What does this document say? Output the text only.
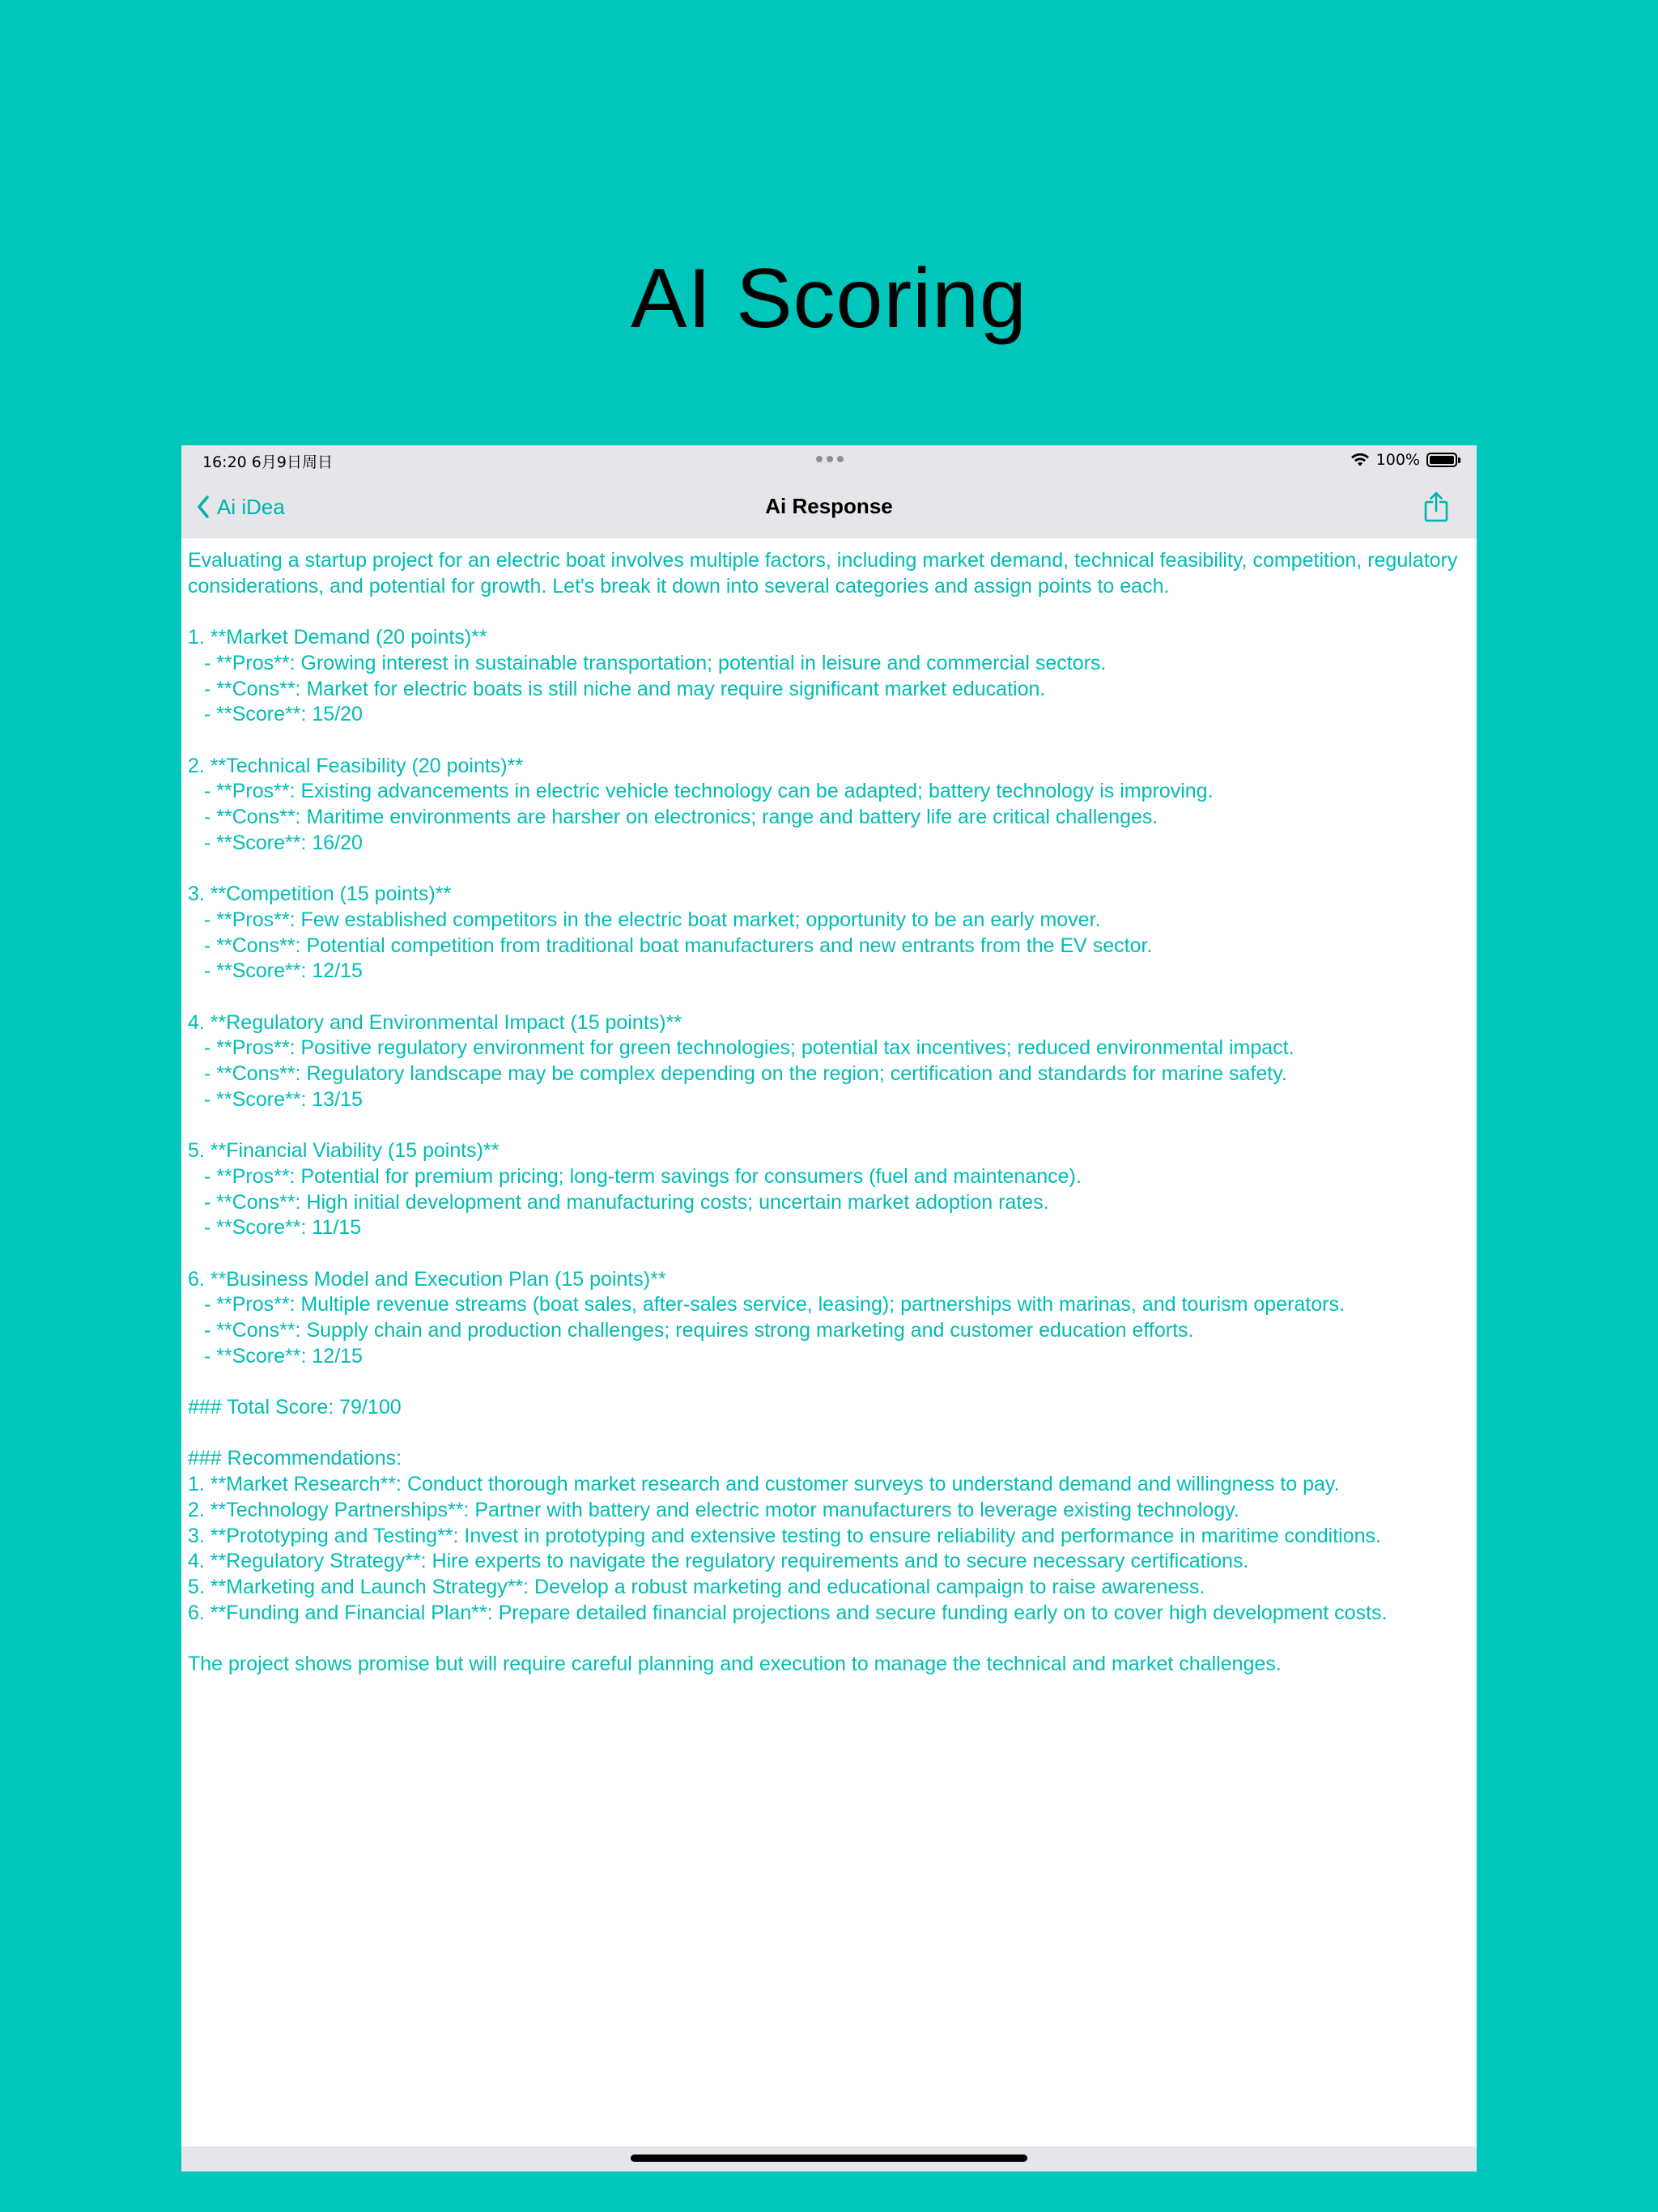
AI Scoring
16:20 6月9日周日	100%
Ai iDea	Ai Response
Evaluating a startup project for an electric boat involves multiple factors, including market demand, technical feasibility, competition, regulatory considerations, and potential for growth. Let's break it down into several categories and assign points to each.
1. **Market Demand (20 points)**
- **Pros**: Growing interest in sustainable transportation; potential in leisure and commercial sectors.
- **Cons**: Market for electric boats is still niche and may require significant market education.
- **Score**: 15/20
2. **Technical Feasibility (20 points)**
- **Pros**: Existing advancements in electric vehicle technology can be adapted; battery technology is improving.
- **Cons**: Maritime environments are harsher on electronics; range and battery life are critical challenges.
- **Score**: 16/20
3. **Competition (15 points)**
- **Pros**: Few established competitors in the electric boat market; opportunity to be an early mover.
- **Cons**: Potential competition from traditional boat manufacturers and new entrants from the EV sector.
- **Score**: 12/15
4. **Regulatory and Environmental Impact (15 points)**
- **Pros**: Positive regulatory environment for green technologies; potential tax incentives; reduced environmental impact.
- **Cons**: Regulatory landscape may be complex depending on the region; certification and standards for marine safety.
- **Score**: 13/15
5. **Financial Viability (15 points)**
- **Pros**: Potential for premium pricing; long-term savings for consumers (fuel and maintenance).
- **Cons**: High initial development and manufacturing costs; uncertain market adoption rates.
- **Score**: 11/15
6. **Business Model and Execution Plan (15 points)**
- **Pros**: Multiple revenue streams (boat sales, after-sales service, leasing); partnerships with marinas, and tourism operators.
- **Cons**: Supply chain and production challenges; requires strong marketing and customer education efforts.
- **Score**: 12/15
### Total Score: 79/100
### Recommendations:
1. **Market Research**: Conduct thorough market research and customer surveys to understand demand and willingness to pay.
2. **Technology Partnerships**: Partner with battery and electric motor manufacturers to leverage existing technology.
3. **Prototyping and Testing**: Invest in prototyping and extensive testing to ensure reliability and performance in maritime conditions.
4. **Regulatory Strategy**: Hire experts to navigate the regulatory requirements and to secure necessary certifications.
5. **Marketing and Launch Strategy**: Develop a robust marketing and educational campaign to raise awareness.
6. **Funding and Financial Plan**: Prepare detailed financial projections and secure funding early on to cover high development costs.
The project shows promise but will require careful planning and execution to manage the technical and market challenges.
